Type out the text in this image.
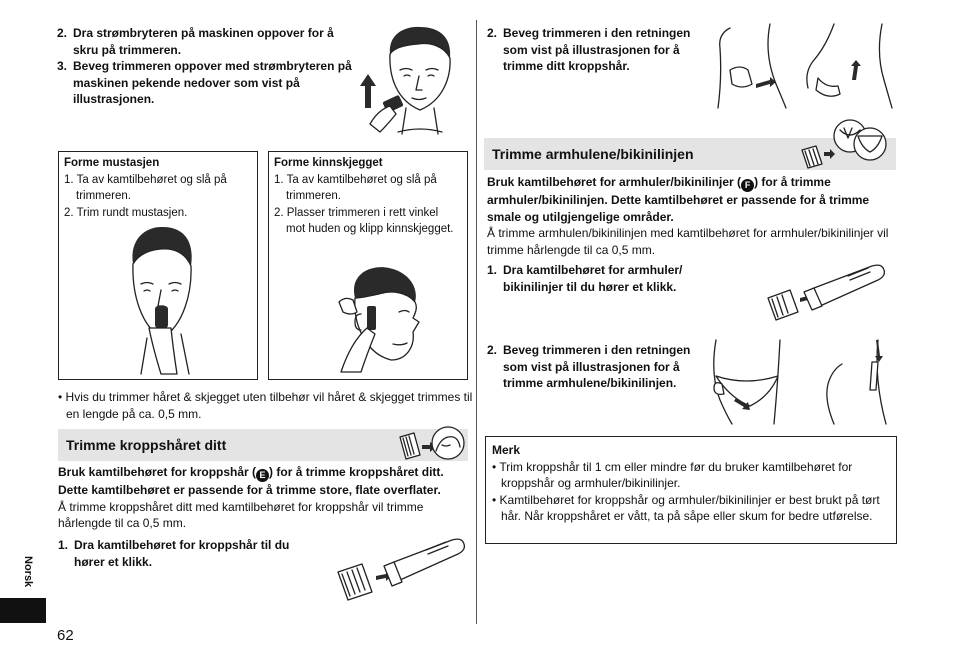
2. Dra strømbryteren på maskinen oppover for å skru på trimmeren.
3. Beveg trimmeren oppover med strømbryteren på maskinen pekende nedover som vist på illustrasjonen.
Forme mustasjen
1. Ta av kamtilbehøret og slå på trimmeren.
2. Trim rundt mustasjen.
Forme kinnskjegget
1. Ta av kamtilbehøret og slå på trimmeren.
2. Plasser trimmeren i rett vinkel mot huden og klipp kinnskjegget.
• Hvis du trimmer håret & skjegget uten tilbehør vil håret & skjegget trimmes til en lengde på ca. 0,5 mm.
Trimme kroppshåret ditt
Bruk kamtilbehøret for kroppshår ( E ) for å trimme kroppshåret ditt. Dette kamtilbehøret er passende for å trimme store, flate overflater.
Å trimme kroppshåret ditt med kamtilbehøret for kroppshår vil trimme hårlengde til ca 0,5 mm.
1. Dra kamtilbehøret for kroppshår til du hører et klikk.
Norsk
62
2. Beveg trimmeren i den retningen som vist på illustrasjonen for å trimme ditt kroppshår.
Trimme armhulene/bikinilinjen
Bruk kamtilbehøret for armhuler/bikinilinjer ( F ) for å trimme armhuler/bikinilinjen. Dette kamtilbehøret er passende for å trimme smale og utilgjengelige områder.
Å trimme armhulen/bikinilinjen med kamtilbehøret for armhuler/bikinilinjer vil trimme hårlengde til ca 0,5 mm.
1. Dra kamtilbehøret for armhuler/ bikinilinjer til du hører et klikk.
2. Beveg trimmeren i den retningen som vist på illustrasjonen for å trimme armhulene/bikinilinjen.
Merk
• Trim kroppshår til 1 cm eller mindre før du bruker kamtilbehøret for kroppshår og armhuler/bikinilinjer.
• Kamtilbehøret for kroppshår og armhuler/bikinilinjer er best brukt på tørt hår. Når kroppshåret er vått, ta på såpe eller skum for bedre utførelse.
